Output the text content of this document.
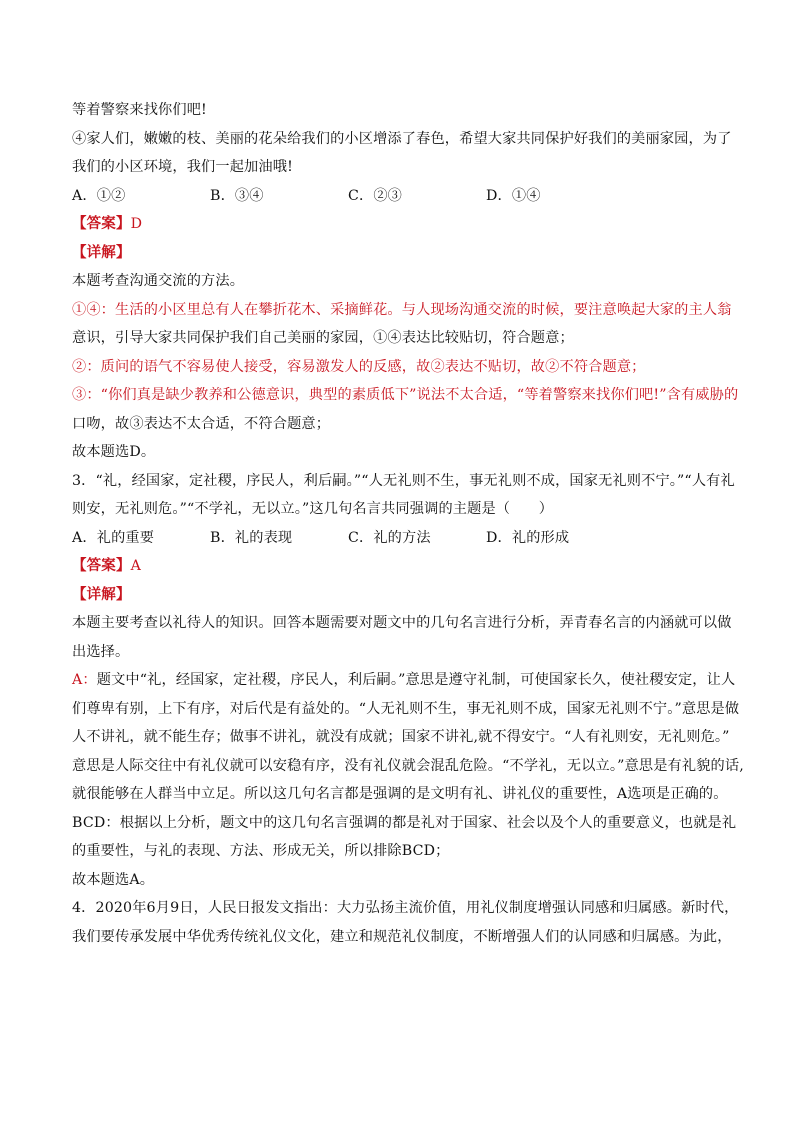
等着警察来找你们吧!
④家人们，嫩嫩的枝、美丽的花朵给我们的小区增添了春色，希望大家共同保护好我们的美丽家园，为了
我们的小区环境，我们一起加油哦!
A．①②	B．③④	C．②③	D．①④
【答案】D
【详解】
本题考查沟通交流的方法。
①④：生活的小区里总有人在攀折花木、采摘鲜花。与人现场沟通交流的时候，要注意唤起大家的主人翁
意识，引导大家共同保护我们自己美丽的家园，①④表达比较贴切，符合题意；
②：质问的语气不容易使人接受，容易激发人的反感，故②表达不贴切，故②不符合题意；
③：“你们真是缺少教养和公德意识，典型的素质低下”说法不太合适，“等着警察来找你们吧!”含有威胁的
口吻，故③表达不太合适，不符合题意；
故本题选D。
3．“礼，经国家，定社稷，序民人，利后嗣。”“人无礼则不生，事无礼则不成，国家无礼则不宁。”“人有礼
则安，无礼则危。”“不学礼，无以立。”这几句名言共同强调的主题是（　　）
A．礼的重要	B．礼的表现	C．礼的方法	D．礼的形成
【答案】A
【详解】
本题主要考查以礼待人的知识。回答本题需要对题文中的几句名言进行分析，弄青春名言的内涵就可以做
出选择。
A：题文中“礼，经国家，定社稷，序民人，利后嗣。”意思是遵守礼制，可使国家长久，使社稷安定，让人
们尊卑有别，上下有序，对后代是有益处的。“人无礼则不生，事无礼则不成，国家无礼则不宁。”意思是做
人不讲礼，就不能生存；做事不讲礼，就没有成就；国家不讲礼,就不得安宁。“人有礼则安，无礼则危。”
意思是人际交往中有礼仪就可以安稳有序，没有礼仪就会混乱危险。“不学礼，无以立。”意思是有礼貌的话,
就很能够在人群当中立足。所以这几句名言都是强调的是文明有礼、讲礼仪的重要性，A选项是正确的。
BCD：根据以上分析，题文中的这几句名言强调的都是礼对于国家、社会以及个人的重要意义，也就是礼
的重要性，与礼的表现、方法、形成无关，所以排除BCD；
故本题选A。
4．2020年6月9日，人民日报发文指出：大力弘扬主流价值，用礼仪制度增强认同感和归属感。新时代，
我们要传承发展中华优秀传统礼仪文化，建立和规范礼仪制度，不断增强人们的认同感和归属感。为此，
